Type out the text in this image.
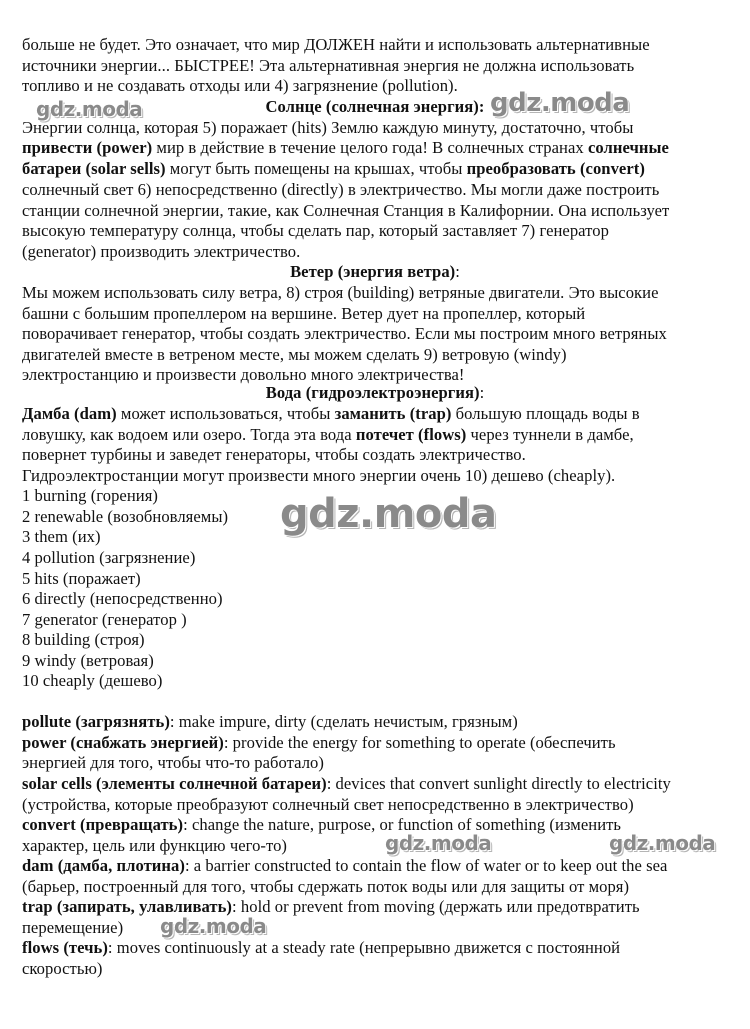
больше не будет. Это означает, что мир ДОЛЖЕН найти и использовать альтернативные
источники энергии... БЫСТРЕЕ! Эта альтернативная энергия не должна использовать
топливо и не создавать отходы или 4) загрязнение (pollution).
Солнце (солнечная энергия):
Энергии солнца, которая 5) поражает (hits) Землю каждую минуту, достаточно, чтобы
привести (power) мир в действие в течение целого года! В солнечных странах солнечные
батареи (solar sells) могут быть помещены на крышах, чтобы преобразовать (convert)
солнечный свет 6) непосредственно (directly) в электричество. Мы могли даже построить
станции солнечной энергии, такие, как Солнечная Станция в Калифорнии. Она использует
высокую температуру солнца, чтобы сделать пар, который заставляет 7) генератор
(generator) производить электричество.
Ветер (энергия ветра):
Мы можем использовать силу ветра, 8) строя (building) ветряные двигатели. Это высокие
башни с большим пропеллером на вершине. Ветер дует на пропеллер, который
поворачивает генератор, чтобы создать электричество. Если мы построим много ветряных
двигателей вместе в ветреном месте, мы можем сделать 9) ветровую (windy)
электростанцию и произвести довольно много электричества!
Вода (гидроэлектроэнергия):
Дамба (dam) может использоваться, чтобы заманить (trap) большую площадь воды в
ловушку, как водоем или озеро. Тогда эта вода потечет (flows) через туннели в дамбе,
повернет турбины и заведет генераторы, чтобы создать электричество.
Гидроэлектростанции могут произвести много энергии очень 10) дешево (cheaply).
1 burning (горения)
2 renewable (возобновляемы)
3 them (их)
4 pollution (загрязнение)
5 hits (поражает)
6 directly (непосредственно)
7 generator (генератор )
8 building (строя)
9 windy (ветровая)
10 cheaply (дешево)
pollute (загрязнять): make impure, dirty (сделать нечистым, грязным)
power (снабжать энергией): provide the energy for something to operate (обеспечить
энергией для того, чтобы что-то работало)
solar cells (элементы солнечной батареи): devices that convert sunlight directly to electricity
(устройства, которые преобразуют солнечный свет непосредственно в электричество)
convert (превращать): change the nature, purpose, or function of something (изменить
характер, цель или функцию чего-то)
dam (дамба, плотина): a barrier constructed to contain the flow of water or to keep out the sea
(барьер, построенный для того, чтобы сдержать поток воды или для защиты от моря)
trap (запирать, улавливать): hold or prevent from moving (держать или предотвратить
перемещение)
flows (течь): moves continuously at a steady rate (непрерывно движется с постоянной
скоростью)
gdz.moda	gdz.moda
gdz.moda
gdz.moda	gdz.moda
gdz.moda
